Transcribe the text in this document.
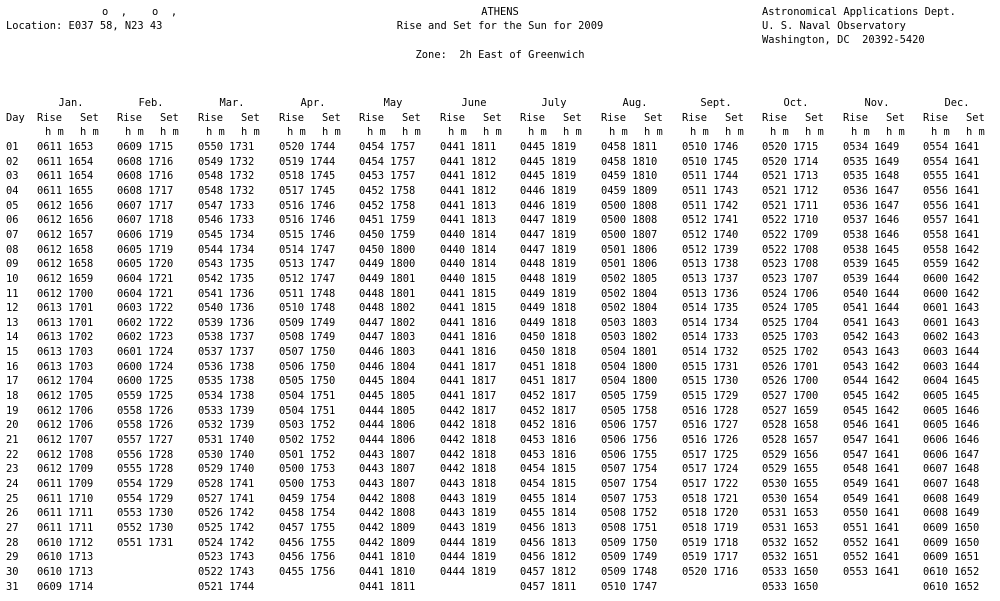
o  ,    o  ,
Location: E037 58, N23 43
ATHENS
Rise and Set for the Sun for 2009
Zone:  2h East of Greenwich
Astronomical Applications Dept.
U. S. Naval Observatory
Washington, DC  20392-5420
Jan.	Feb.	Mar.	Apr.	May	June	July	Aug.	Sept.	Oct.	Nov.	Dec.
Day Rise Set Rise Set Rise Set Rise Set Rise Set Rise Set Rise Set Rise Set Rise Set Rise Set Rise Set Rise Set
h m h m	h m h m	h m h m	h m h m	h m h m	h m h m	h m h m	h m h m	h m h m	h m h m	h m h m	h m h m
01 0611 1653 0609 1715 0550 1731 0520 1744 0454 1757 0441 1811 0445 1819 0458 1811 0510 1746 0520 1715 0534 1649 0554 1641
02 0611 1654 0608 1716 0549 1732 0519 1744 0454 1757 0441 1812 0445 1819 0458 1810 0510 1745 0520 1714 0535 1649 0554 1641
03 0611 1654 0608 1716 0548 1732 0518 1745 0453 1757 0441 1812 0445 1819 0459 1810 0511 1744 0521 1713 0535 1648 0555 1641
04 0611 1655 0608 1717 0548 1732 0517 1745 0452 1758 0441 1812 0446 1819 0459 1809 0511 1743 0521 1712 0536 1647 0556 1641
05 0612 1656 0607 1717 0547 1733 0516 1746 0452 1758 0441 1813 0446 1819 0500 1808 0511 1742 0521 1711 0536 1647 0556 1641
06 0612 1656 0607 1718 0546 1733 0516 1746 0451 1759 0441 1813 0447 1819 0500 1808 0512 1741 0522 1710 0537 1646 0557 1641
07 0612 1657 0606 1719 0545 1734 0515 1746 0450 1759 0440 1814 0447 1819 0500 1807 0512 1740 0522 1709 0538 1646 0558 1641
08 0612 1658 0605 1719 0544 1734 0514 1747 0450 1800 0440 1814 0447 1819 0501 1806 0512 1739 0522 1708 0538 1645 0558 1642
09 0612 1658 0605 1720 0543 1735 0513 1747 0449 1800 0440 1814 0448 1819 0501 1806 0513 1738 0523 1708 0539 1645 0559 1642
10 0612 1659 0604 1721 0542 1735 0512 1747 0449 1801 0440 1815 0448 1819 0502 1805 0513 1737 0523 1707 0539 1644 0600 1642
11 0612 1700 0604 1721 0541 1736 0511 1748 0448 1801 0441 1815 0449 1819 0502 1804 0513 1736 0524 1706 0540 1644 0600 1642
12 0613 1701 0603 1722 0540 1736 0510 1748 0448 1802 0441 1815 0449 1818 0502 1804 0514 1735 0524 1705 0541 1644 0601 1643
13 0613 1701 0602 1722 0539 1736 0509 1749 0447 1802 0441 1816 0449 1818 0503 1803 0514 1734 0525 1704 0541 1643 0601 1643
14 0613 1702 0602 1723 0538 1737 0508 1749 0447 1803 0441 1816 0450 1818 0503 1802 0514 1733 0525 1703 0542 1643 0602 1643
15 0613 1703 0601 1724 0537 1737 0507 1750 0446 1803 0441 1816 0450 1818 0504 1801 0514 1732 0525 1702 0543 1643 0603 1644
16 0613 1703 0600 1724 0536 1738 0506 1750 0446 1804 0441 1817 0451 1818 0504 1800 0515 1731 0526 1701 0543 1642 0603 1644
17 0612 1704 0600 1725 0535 1738 0505 1750 0445 1804 0441 1817 0451 1817 0504 1800 0515 1730 0526 1700 0544 1642 0604 1645
18 0612 1705 0559 1725 0534 1738 0504 1751 0445 1805 0441 1817 0452 1817 0505 1759 0515 1729 0527 1700 0545 1642 0605 1645
19 0612 1706 0558 1726 0533 1739 0504 1751 0444 1805 0442 1817 0452 1817 0505 1758 0516 1728 0527 1659 0545 1642 0605 1646
20 0612 1706 0558 1726 0532 1739 0503 1752 0444 1806 0442 1818 0452 1816 0506 1757 0516 1727 0528 1658 0546 1641 0605 1646
21 0612 1707 0557 1727 0531 1740 0502 1752 0444 1806 0442 1818 0453 1816 0506 1756 0516 1726 0528 1657 0547 1641 0606 1646
22 0612 1708 0556 1728 0530 1740 0501 1752 0443 1807 0442 1818 0453 1816 0506 1755 0517 1725 0529 1656 0547 1641 0606 1647
23 0612 1709 0555 1728 0529 1740 0500 1753 0443 1807 0442 1818 0454 1815 0507 1754 0517 1724 0529 1655 0548 1641 0607 1648
24 0611 1709 0554 1729 0528 1741 0500 1753 0443 1807 0443 1818 0454 1815 0507 1754 0517 1722 0530 1655 0549 1641 0607 1648
25 0611 1710 0554 1729 0527 1741 0459 1754 0442 1808 0443 1819 0455 1814 0507 1753 0518 1721 0530 1654 0549 1641 0608 1649
26 0611 1711 0553 1730 0526 1742 0458 1754 0442 1808 0443 1819 0455 1814 0508 1752 0518 1720 0531 1653 0550 1641 0608 1649
27 0611 1711 0552 1730 0525 1742 0457 1755 0442 1809 0443 1819 0456 1813 0508 1751 0518 1719 0531 1653 0551 1641 0609 1650
28 0610 1712 0551 1731 0524 1742 0456 1755 0442 1809 0444 1819 0456 1813 0509 1750 0519 1718 0532 1652 0552 1641 0609 1650
29 0610 1713	0523 1743 0456 1756 0441 1810 0444 1819 0456 1812 0509 1749 0519 1717 0532 1651 0552 1641 0609 1651
30 0610 1713	0522 1743 0455 1756 0441 1810 0444 1819 0457 1812 0509 1748 0520 1716 0533 1650 0553 1641 0610 1652
31 0609 1714	0521 1744	0441 1811	0457 1811 0510 1747	0533 1650	0610 1652
